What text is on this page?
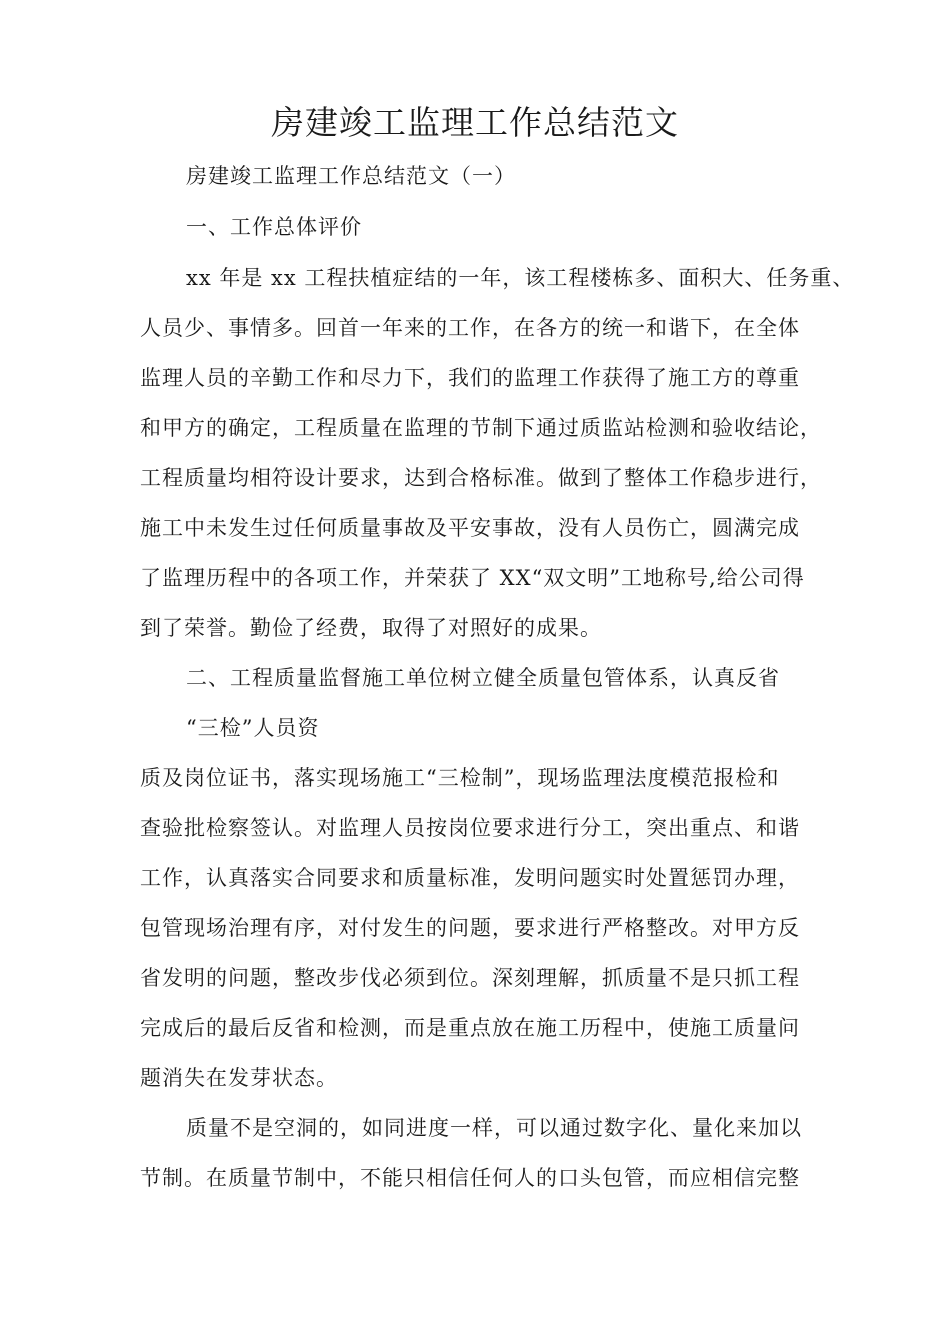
房建竣工监理工作总结范文

房建竣工监理工作总结范文（一）

一、工作总体评价

xx 年是 xx 工程扶植症结的一年，该工程楼栋多、面积大、任务重、

人员少、事情多。回首一年来的工作，在各方的统一和谐下，在全体

监理人员的辛勤工作和尽力下，我们的监理工作获得了施工方的尊重

和甲方的确定，工程质量在监理的节制下通过质监站检测和验收结论，

工程质量均相符设计要求，达到合格标准。做到了整体工作稳步进行，

施工中未发生过任何质量事故及平安事故，没有人员伤亡，圆满完成

了监理历程中的各项工作，并荣获了 XX“双文明”工地称号,给公司得

到了荣誉。勤俭了经费，取得了对照好的成果。

二、工程质量监督施工单位树立健全质量包管体系，认真反省

“三检”人员资

质及岗位证书，落实现场施工“三检制”，现场监理法度模范报检和

查验批检察签认。对监理人员按岗位要求进行分工，突出重点、和谐

工作，认真落实合同要求和质量标准，发明问题实时处置惩罚办理，

包管现场治理有序，对付发生的问题，要求进行严格整改。对甲方反

省发明的问题，整改步伐必须到位。深刻理解，抓质量不是只抓工程

完成后的最后反省和检测，而是重点放在施工历程中，使施工质量问

题消失在发芽状态。

质量不是空洞的，如同进度一样，可以通过数字化、量化来加以

节制。在质量节制中，不能只相信任何人的口头包管，而应相信完整
